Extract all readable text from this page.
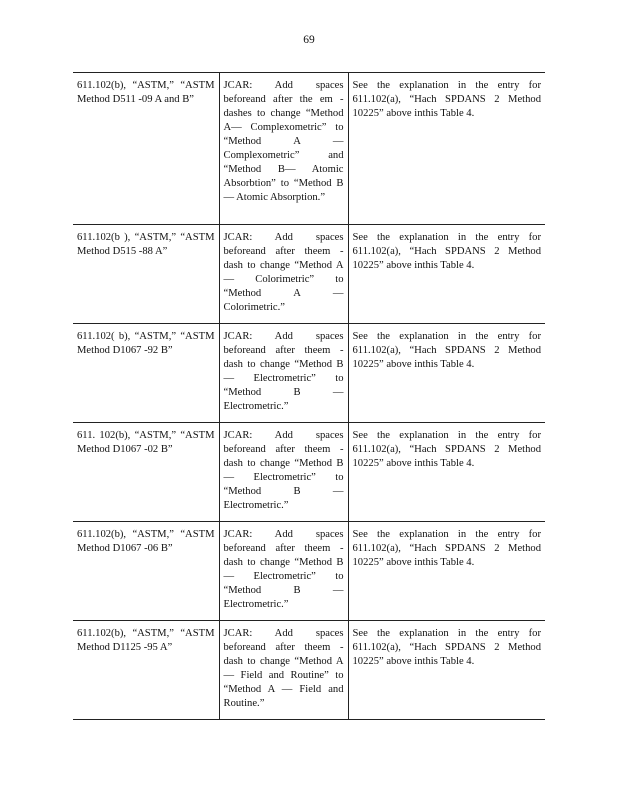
69
611.102(b), “ASTM,” “ASTM Method D511 -09 A and B”	JCAR: Add spaces beforeand after the em - dashes to change “Method A— Complexometric” to “Method A — Complexometric” and “Method B— Atomic Absorbtion” to “Method B — Atomic Absorption.”	See the explanation in the entry for 611.102(a), “Hach SPDANS 2 Method 10225” above inthis Table 4.
611.102(b ), “ASTM,” “ASTM Method D515 -88 A”	JCAR: Add spaces beforeand after theem - dash to change “Method A— Colorimetric” to “Method A — Colorimetric.”	See the explanation in the entry for 611.102(a), “Hach SPDANS 2 Method 10225” above inthis Table 4.
611.102( b), “ASTM,” “ASTM Method D1067 -92 B”	JCAR: Add spaces beforeand after theem - dash to change “Method B— Electrometric” to “Method B — Electrometric.”	See the explanation in the entry for 611.102(a), “Hach SPDANS 2 Method 10225” above inthis Table 4.
611. 102(b), “ASTM,” “ASTM Method D1067 -02 B”	JCAR: Add spaces beforeand after theem - dash to change “Method B— Electrometric” to “Method B — Electrometric.”	See the explanation in the entry for 611.102(a), “Hach SPDANS 2 Method 10225” above inthis Table 4.
611.102(b), “ASTM,” “ASTM Method D1067 -06 B”	JCAR: Add spaces beforeand after theem - dash to change “Method B— Electrometric” to “Method B — Electrometric.”	See the explanation in the entry for 611.102(a), “Hach SPDANS 2 Method 10225” above inthis Table 4.
611.102(b), “ASTM,” “ASTM Method D1125 -95 A”	JCAR: Add spaces beforeand after theem - dash to change “Method A— Field and Routine” to “Method A — Field and Routine.”	See the explanation in the entry for 611.102(a), “Hach SPDANS 2 Method 10225” above inthis Table 4.
